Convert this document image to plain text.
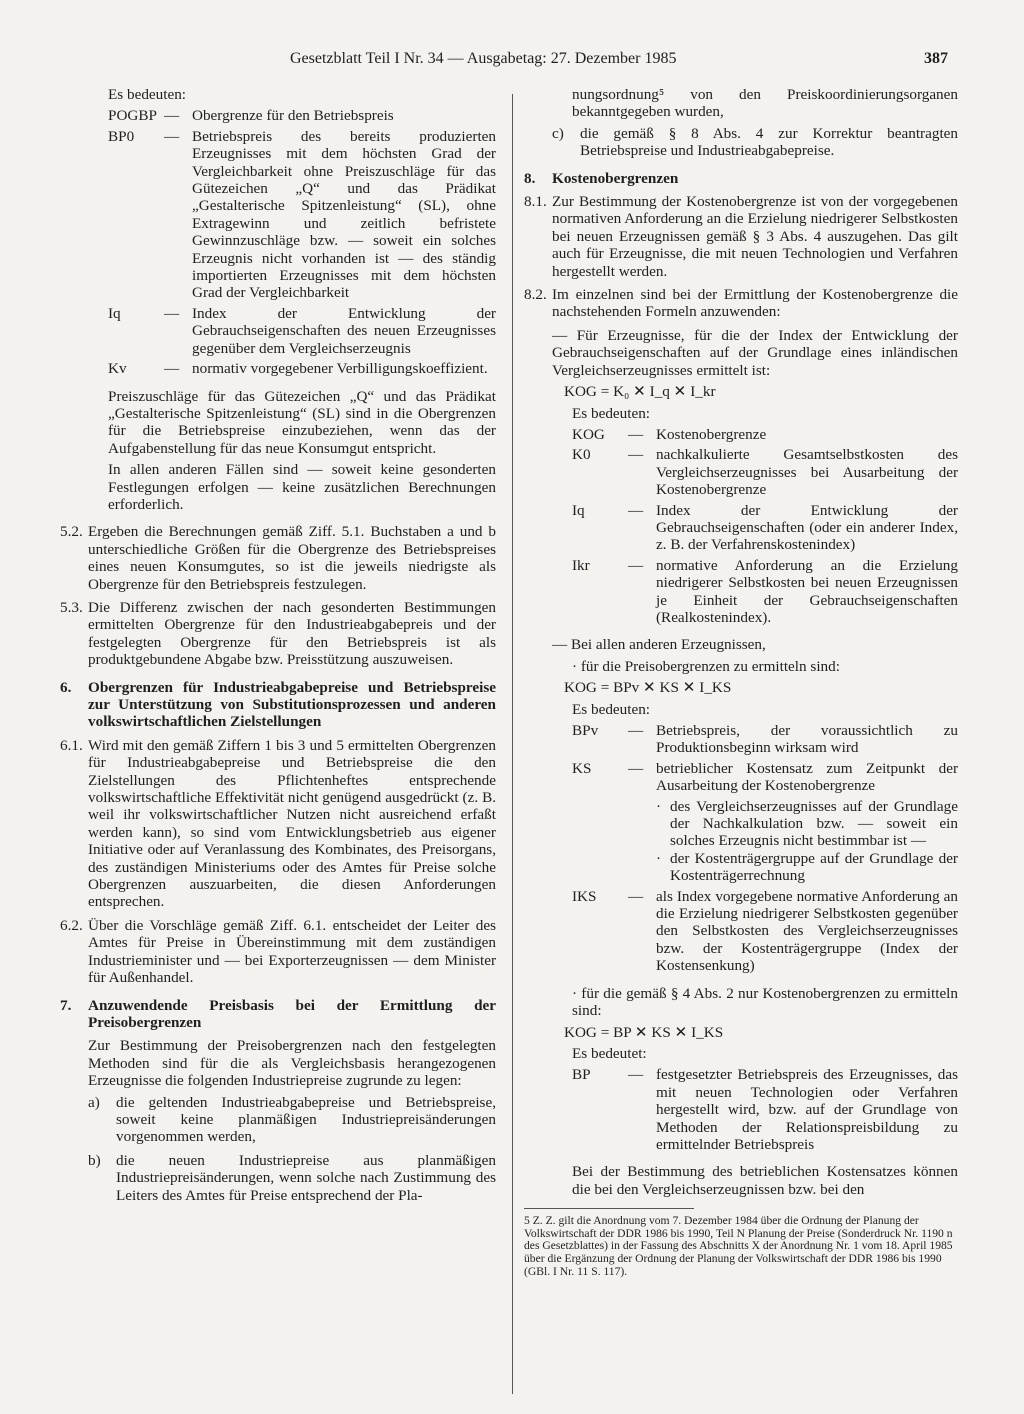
Gesetzblatt Teil I Nr. 34 — Ausgabetag: 27. Dezember 1985	387
Es bedeuten:
POGBP — Obergrenze für den Betriebspreis
BP0	— Betriebspreis des bereits produzierten Erzeugnisses mit dem höchsten Grad der Vergleichbarkeit ohne Preiszuschläge für das Gütezeichen „Q“ und das Prädikat „Gestalterische Spitzenleistung“ (SL), ohne Extragewinn und zeitlich befristete Gewinnzuschläge bzw. — soweit ein solches Erzeugnis nicht vorhanden ist — des ständig importierten Erzeugnisses mit dem höchsten Grad der Vergleichbarkeit
Iq	— Index der Entwicklung der Gebrauchseigenschaften des neuen Erzeugnisses gegenüber dem Vergleichserzeugnis
Kv	— normativ vorgegebener Verbilligungskoeffizient.
Preiszuschläge für das Gütezeichen „Q“ und das Prädikat „Gestalterische Spitzenleistung“ (SL) sind in die Obergrenzen für die Betriebspreise einzubeziehen, wenn das der Aufgabenstellung für das neue Konsumgut entspricht.
In allen anderen Fällen sind — soweit keine gesonderten Festlegungen erfolgen — keine zusätzlichen Berechnungen erforderlich.
5.2. Ergeben die Berechnungen gemäß Ziff. 5.1. Buchstaben a und b unterschiedliche Größen für die Obergrenze des Betriebspreises eines neuen Konsumgutes, so ist die jeweils niedrigste als Obergrenze für den Betriebspreis festzulegen.
5.3. Die Differenz zwischen der nach gesonderten Bestimmungen ermittelten Obergrenze für den Industrieabgabepreis und der festgelegten Obergrenze für den Betriebspreis ist als produktgebundene Abgabe bzw. Preisstützung auszuweisen.
6.	Obergrenzen für Industrieabgabepreise und Betriebspreise zur Unterstützung von Substitutionsprozessen und anderen volkswirtschaftlichen Zielstellungen
6.1. Wird mit den gemäß Ziffern 1 bis 3 und 5 ermittelten Obergrenzen für Industrieabgabepreise und Betriebspreise die den Zielstellungen des Pflichtenheftes entsprechende volkswirtschaftliche Effektivität nicht genügend ausgedrückt (z. B. weil ihr volkswirtschaftlicher Nutzen nicht ausreichend erfaßt werden kann), so sind vom Entwicklungsbetrieb aus eigener Initiative oder auf Veranlassung des Kombinates, des Preisorgans, des zuständigen Ministeriums oder des Amtes für Preise solche Obergrenzen auszuarbeiten, die diesen Anforderungen entsprechen.
6.2. Über die Vorschläge gemäß Ziff. 6.1. entscheidet der Leiter des Amtes für Preise in Übereinstimmung mit dem zuständigen Industrieminister und — bei Exporterzeugnissen — dem Minister für Außenhandel.
7.	Anzuwendende Preisbasis bei der Ermittlung der Preisobergrenzen
Zur Bestimmung der Preisobergrenzen nach den festgelegten Methoden sind für die als Vergleichsbasis herangezogenen Erzeugnisse die folgenden Industriepreise zugrunde zu legen:
a)	die geltenden Industrieabgabepreise und Betriebspreise, soweit keine planmäßigen Industriepreisänderungen vorgenommen werden,
b)	die neuen Industriepreise aus planmäßigen Industriepreisänderungen, wenn solche nach Zustimmung des Leiters des Amtes für Preise entsprechend der Pla-
nungsordnung⁵ von den Preiskoordinierungsorganen bekanntgegeben wurden,
c)	die gemäß § 8 Abs. 4 zur Korrektur beantragten Betriebspreise und Industrieabgabepreise.
8.	Kostenobergrenzen
8.1. Zur Bestimmung der Kostenobergrenze ist von der vorgegebenen normativen Anforderung an die Erzielung niedrigerer Selbstkosten bei neuen Erzeugnissen gemäß § 3 Abs. 4 auszugehen. Das gilt auch für Erzeugnisse, die mit neuen Technologien und Verfahren hergestellt werden.
8.2. Im einzelnen sind bei der Ermittlung der Kostenobergrenze die nachstehenden Formeln anzuwenden:
— Für Erzeugnisse, für die der Index der Entwicklung der Gebrauchseigenschaften auf der Grundlage eines inländischen Vergleichserzeugnisses ermittelt ist:
KOG = K₀ ✕ I_q ✕ I_kr
Es bedeuten:
KOG	— Kostenobergrenze
K0	— nachkalkulierte Gesamtselbstkosten des Vergleichserzeugnisses bei Ausarbeitung der Kostenobergrenze
Iq	— Index der Entwicklung der Gebrauchseigenschaften (oder ein anderer Index, z. B. der Verfahrenskostenindex)
Ikr	— normative Anforderung an die Erzielung niedrigerer Selbstkosten bei neuen Erzeugnissen je Einheit der Gebrauchseigenschaften (Realkostenindex).
— Bei allen anderen Erzeugnissen,
· für die Preisobergrenzen zu ermitteln sind:
KOG = BPv ✕ KS ✕ I_KS
Es bedeuten:
BPv	— Betriebspreis, der voraussichtlich zu Produktionsbeginn wirksam wird
KS	— betrieblicher Kostensatz zum Zeitpunkt der Ausarbeitung der Kostenobergrenze
· des Vergleichserzeugnisses auf der Grundlage der Nachkalkulation bzw. — soweit ein solches Erzeugnis nicht bestimmbar ist —
· der Kostenträgergruppe auf der Grundlage der Kostenträgerrechnung
IKS	— als Index vorgegebene normative Anforderung an die Erzielung niedrigerer Selbstkosten gegenüber den Selbstkosten des Vergleichserzeugnisses bzw. der Kostenträgergruppe (Index der Kostensenkung)
· für die gemäß § 4 Abs. 2 nur Kostenobergrenzen zu ermitteln sind:
KOG = BP ✕ KS ✕ I_KS
Es bedeutet:
BP	— festgesetzter Betriebspreis des Erzeugnisses, das mit neuen Technologien oder Verfahren hergestellt wird, bzw. auf der Grundlage von Methoden der Relationspreisbildung zu ermittelnder Betriebspreis
Bei der Bestimmung des betrieblichen Kostensatzes können die bei den Vergleichserzeugnissen bzw. bei den
5 Z. Z. gilt die Anordnung vom 7. Dezember 1984 über die Ordnung der Planung der Volkswirtschaft der DDR 1986 bis 1990, Teil N Planung der Preise (Sonderdruck Nr. 1190 n des Gesetzblattes) in der Fassung des Abschnitts X der Anordnung Nr. 1 vom 18. April 1985 über die Ergänzung der Ordnung der Planung der Volkswirtschaft der DDR 1986 bis 1990 (GBl. I Nr. 11 S. 117).
